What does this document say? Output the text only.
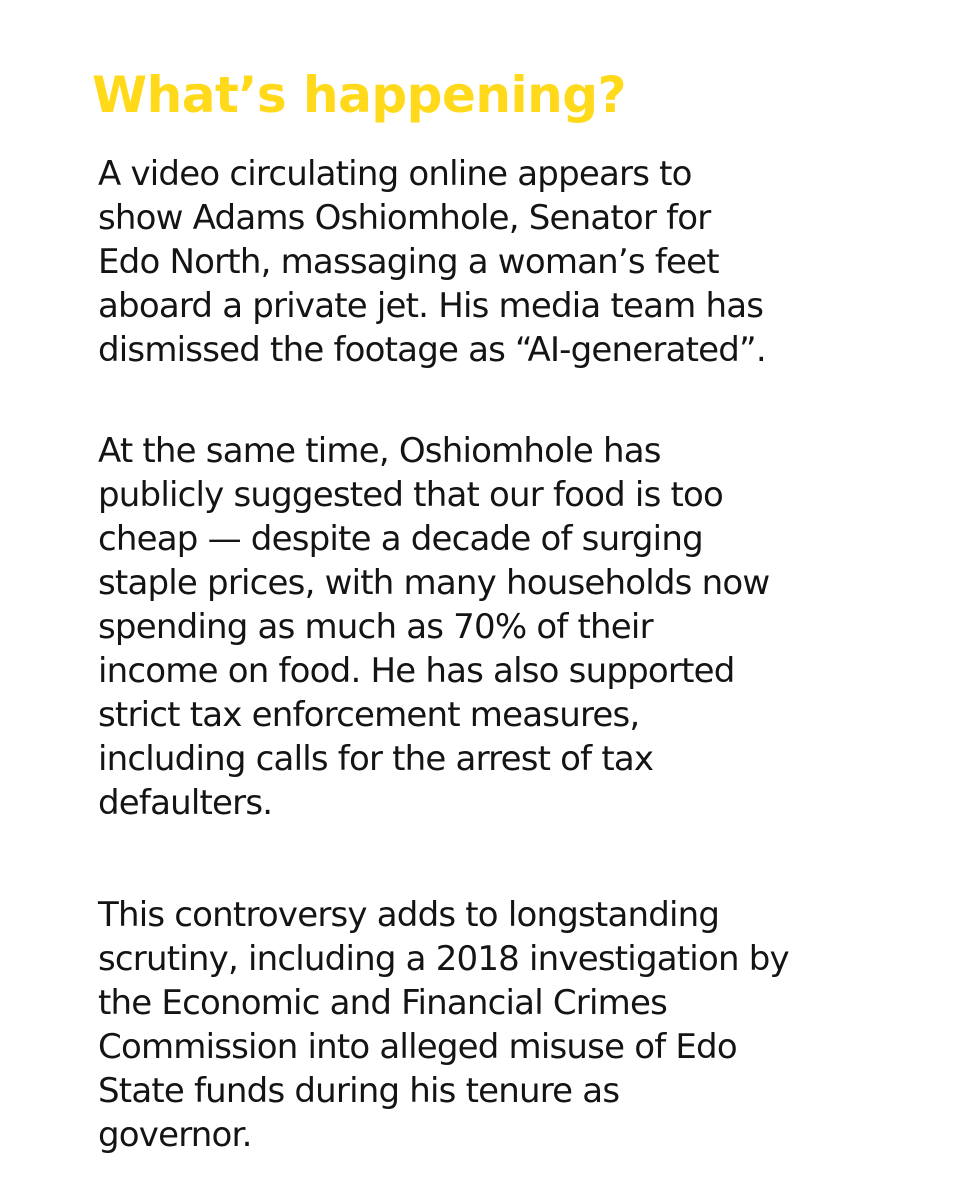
What’s happening?

A video circulating online appears to
show Adams Oshiomhole, Senator for
Edo North, massaging a woman’s feet
aboard a private jet. His media team has
dismissed the footage as “AI-generated”.

At the same time, Oshiomhole has
publicly suggested that our food is too
cheap — despite a decade of surging
staple prices, with many households now
spending as much as 70% of their
income on food. He has also supported
strict tax enforcement measures,
including calls for the arrest of tax
defaulters.

This controversy adds to longstanding
scrutiny, including a 2018 investigation by
the Economic and Financial Crimes
Commission into alleged misuse of Edo
State funds during his tenure as
governor.
